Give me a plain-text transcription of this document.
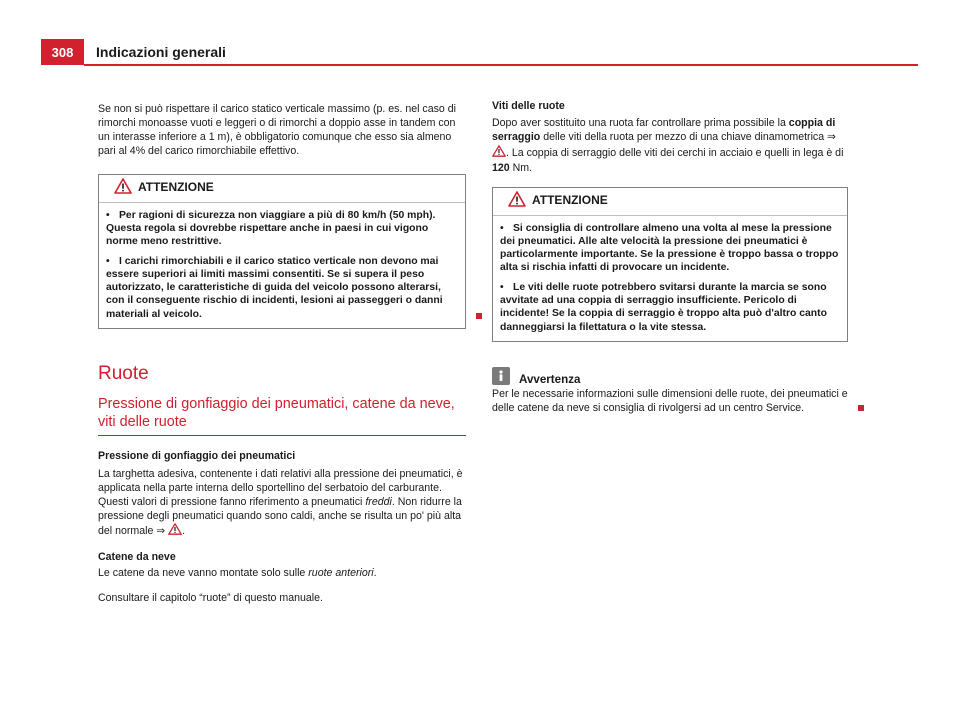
308	Indicazioni generali

Se non si può rispettare il carico statico verticale massimo (p. es. nel caso di rimorchi monoasse vuoti e leggeri o di rimorchi a doppio asse in tandem con un interasse inferiore a 1 m), è obbligatorio comunque che esso sia almeno pari al 4% del carico rimorchiabile effettivo.

ATTENZIONE
• Per ragioni di sicurezza non viaggiare a più di 80 km/h (50 mph). Questa regola si dovrebbe rispettare anche in paesi in cui vigono norme meno restrittive.
• I carichi rimorchiabili e il carico statico verticale non devono mai essere superiori ai limiti massimi consentiti. Se si supera il peso autorizzato, le caratteristiche di guida del veicolo possono alterarsi, con il conseguente rischio di incidenti, lesioni ai passeggeri o danni materiali al veicolo.
Ruote
Pressione di gonfiaggio dei pneumatici, catene da neve, viti delle ruote

Pressione di gonfiaggio dei pneumatici

La targhetta adesiva, contenente i dati relativi alla pressione dei pneumatici, è applicata nella parte interna dello sportellino del serbatoio del carburante. Questi valori di pressione fanno riferimento a pneumatici freddi. Non ridurre la pressione degli pneumatici quando sono caldi, anche se risulta un po' più alta del normale ⇒ .

Catene da neve

Le catene da neve vanno montate solo sulle ruote anteriori.

Consultare il capitolo “ruote” di questo manuale.

Viti delle ruote

Dopo aver sostituito una ruota far controllare prima possibile la coppia di serraggio delle viti della ruota per mezzo di una chiave dinamometrica ⇒ . La coppia di serraggio delle viti dei cerchi in acciaio e quelli in lega è di 120 Nm.

ATTENZIONE
• Si consiglia di controllare almeno una volta al mese la pressione dei pneumatici. Alle alte velocità la pressione dei pneumatici è particolarmente importante. Se la pressione è troppo bassa o troppo alta si rischia infatti di provocare un incidente.
• Le viti delle ruote potrebbero svitarsi durante la marcia se sono avvitate ad una coppia di serraggio insufficiente. Pericolo di incidente! Se la coppia di serraggio è troppo alta può d'altro canto danneggiarsi la filettatura o la vite stessa.
Avvertenza

Per le necessarie informazioni sulle dimensioni delle ruote, dei pneumatici e delle catene da neve si consiglia di rivolgersi ad un centro Service.
